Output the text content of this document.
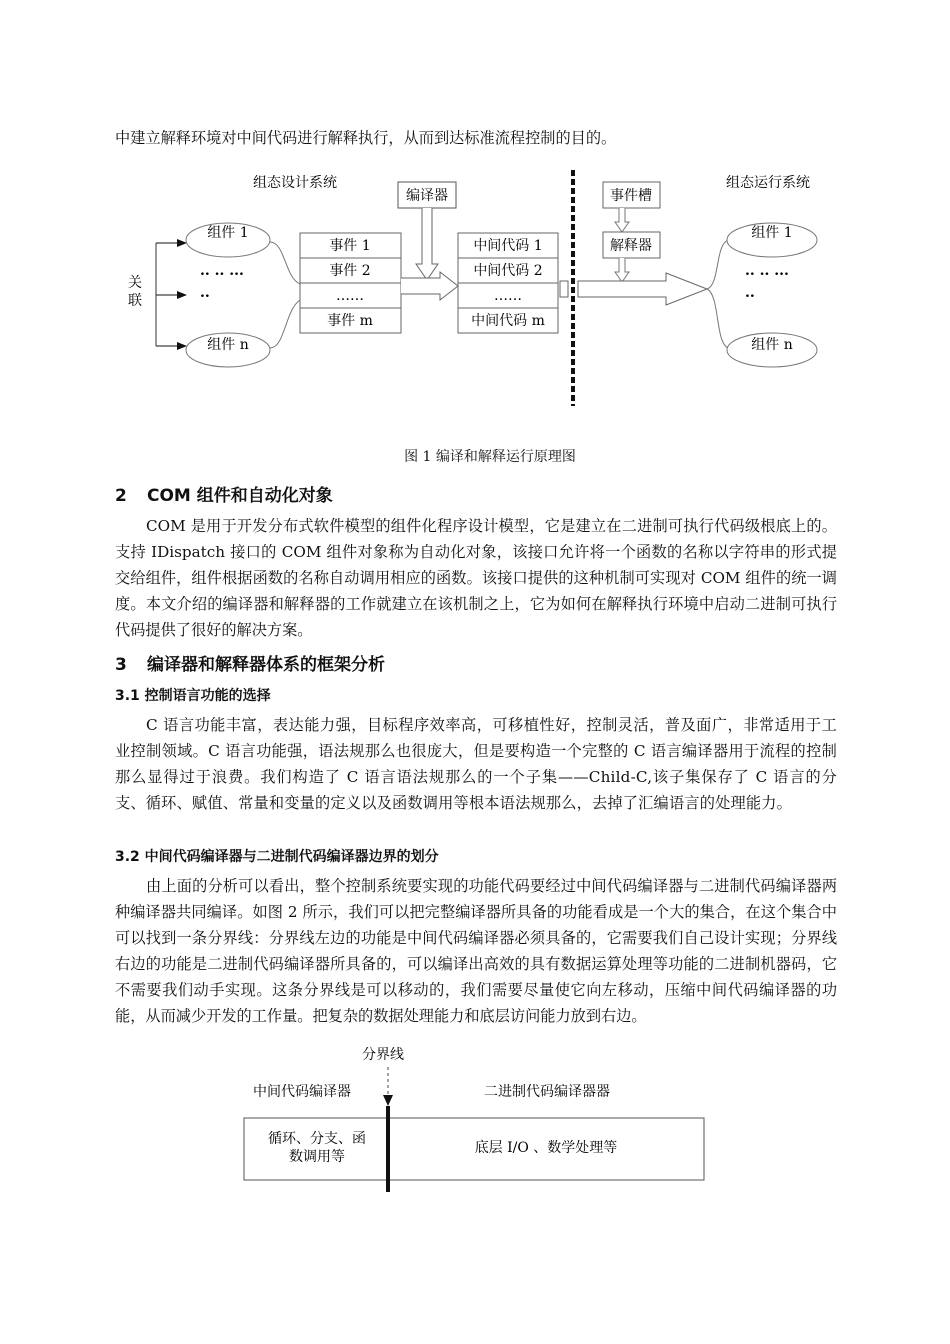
中建立解释环境对中间代码进行解释执行，从而到达标准流程控制的目的。
组态设计系统	组态运行系统
编译器
关
联
组件 1
.. .. ...
..
组件 n
事件 1
事件 2
……
事件 m
中间代码 1
中间代码 2
……
中间代码 m
事件槽
解释器
组件 1
.. .. ...
..
组件 n
图 1 编译和解释运行原理图
2 COM 组件和自动化对象
COM 是用于开发分布式软件模型的组件化程序设计模型，它是建立在二进制可执行代码级根底上的。支持 IDispatch 接口的 COM 组件对象称为自动化对象，该接口允许将一个函数的名称以字符串的形式提交给组件，组件根据函数的名称自动调用相应的函数。该接口提供的这种机制可实现对 COM 组件的统一调度。本文介绍的编译器和解释器的工作就建立在该机制之上，它为如何在解释执行环境中启动二进制可执行代码提供了很好的解决方案。
3 编译器和解释器体系的框架分析
3.1 控制语言功能的选择
C 语言功能丰富，表达能力强，目标程序效率高，可移植性好，控制灵活，普及面广，非常适用于工业控制领域。C 语言功能强，语法规那么也很庞大，但是要构造一个完整的 C 语言编译器用于流程的控制那么显得过于浪费。我们构造了 C 语言语法规那么的一个子集——Child-C,该子集保存了 C 语言的分支、循环、赋值、常量和变量的定义以及函数调用等根本语法规那么，去掉了汇编语言的处理能力。
3.2 中间代码编译器与二进制代码编译器边界的划分
由上面的分析可以看出，整个控制系统要实现的功能代码要经过中间代码编译器与二进制代码编译器两种编译器共同编译。如图 2 所示，我们可以把完整编译器所具备的功能看成是一个大的集合，在这个集合中可以找到一条分界线：分界线左边的功能是中间代码编译器必须具备的，它需要我们自己设计实现；分界线右边的功能是二进制代码编译器所具备的，可以编译出高效的具有数据运算处理等功能的二进制机器码，它不需要我们动手实现。这条分界线是可以移动的，我们需要尽量使它向左移动，压缩中间代码编译器的功能，从而减少开发的工作量。把复杂的数据处理能力和底层访问能力放到右边。
分界线
中间代码编译器	二进制代码编译器器
循环、分支、函
数调用等
底层 I/O 、数学处理等
